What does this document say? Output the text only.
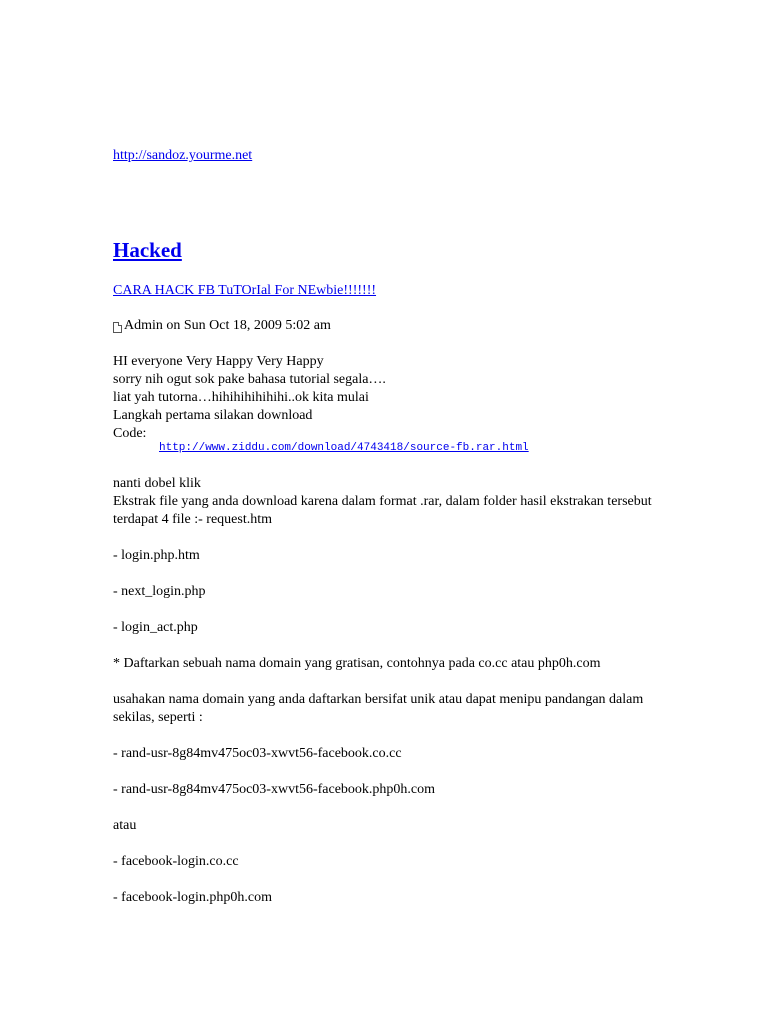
http://sandoz.yourme.net
Hacked
CARA HACK FB TuTOrIal For NEwbie!!!!!!!
Admin on Sun Oct 18, 2009 5:02 am
HI everyone Very Happy Very Happy
sorry nih ogut sok pake bahasa tutorial segala….
liat yah tutorna…hihihihihihihi..ok kita mulai
Langkah pertama silakan download
Code:
http://www.ziddu.com/download/4743418/source-fb.rar.html
nanti dobel klik
Ekstrak file yang anda download karena dalam format .rar, dalam folder hasil ekstrakan tersebut terdapat 4 file :- request.htm
- login.php.htm
- next_login.php
- login_act.php
* Daftarkan sebuah nama domain yang gratisan, contohnya pada co.cc atau php0h.com
usahakan nama domain yang anda daftarkan bersifat unik atau dapat menipu pandangan dalam sekilas, seperti :
- rand-usr-8g84mv475oc03-xwvt56-facebook.co.cc
- rand-usr-8g84mv475oc03-xwvt56-facebook.php0h.com
atau
- facebook-login.co.cc
- facebook-login.php0h.com
